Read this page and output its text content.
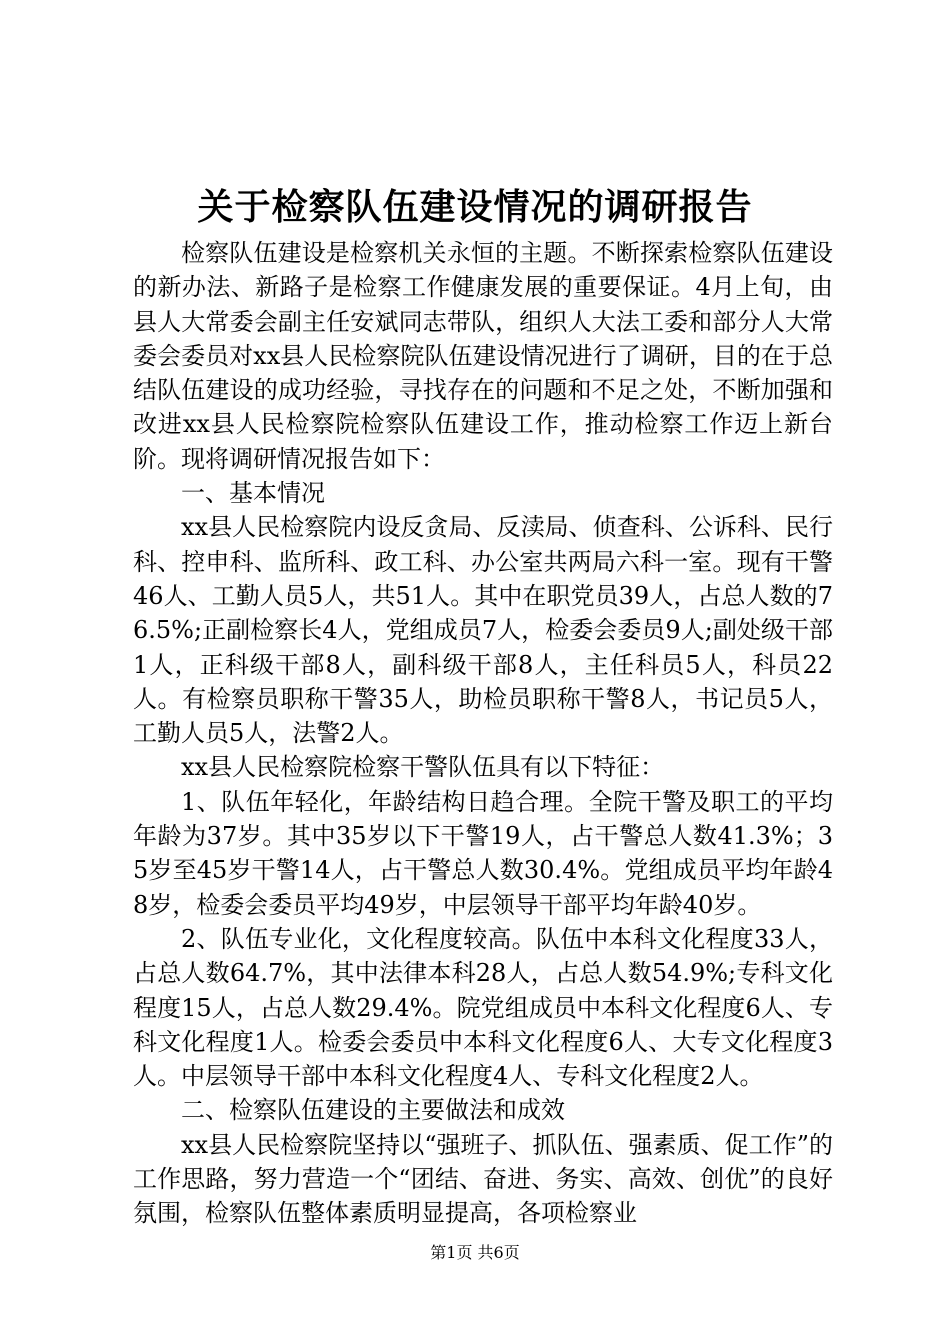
关于检察队伍建设情况的调研报告

检察队伍建设是检察机关永恒的主题。不断探索检察队伍建设的新办法、新路子是检察工作健康发展的重要保证。4月上旬，由县人大常委会副主任安斌同志带队，组织人大法工委和部分人大常委会委员对xx县人民检察院队伍建设情况进行了调研，目的在于总结队伍建设的成功经验，寻找存在的问题和不足之处，不断加强和改进xx县人民检察院检察队伍建设工作，推动检察工作迈上新台阶。现将调研情况报告如下：

一、基本情况

xx县人民检察院内设反贪局、反渎局、侦查科、公诉科、民行科、控申科、监所科、政工科、办公室共两局六科一室。现有干警46人、工勤人员5人，共51人。其中在职党员39人，占总人数的76.5%;正副检察长4人，党组成员7人，检委会委员9人;副处级干部1人，正科级干部8人，副科级干部8人，主任科员5人，科员22人。有检察员职称干警35人，助检员职称干警8人，书记员5人，工勤人员5人，法警2人。

xx县人民检察院检察干警队伍具有以下特征：

1、队伍年轻化，年龄结构日趋合理。全院干警及职工的平均年龄为37岁。其中35岁以下干警19人，占干警总人数41.3%；35岁至45岁干警14人，占干警总人数30.4%。党组成员平均年龄48岁，检委会委员平均49岁，中层领导干部平均年龄40岁。

2、队伍专业化，文化程度较高。队伍中本科文化程度33人，占总人数64.7%，其中法律本科28人，占总人数54.9%;专科文化程度15人，占总人数29.4%。院党组成员中本科文化程度6人、专科文化程度1人。检委会委员中本科文化程度6人、大专文化程度3人。中层领导干部中本科文化程度4人、专科文化程度2人。

二、检察队伍建设的主要做法和成效

xx县人民检察院坚持以“强班子、抓队伍、强素质、促工作”的工作思路，努力营造一个“团结、奋进、务实、高效、创优”的良好氛围，检察队伍整体素质明显提高，各项检察业

第1页 共6页
